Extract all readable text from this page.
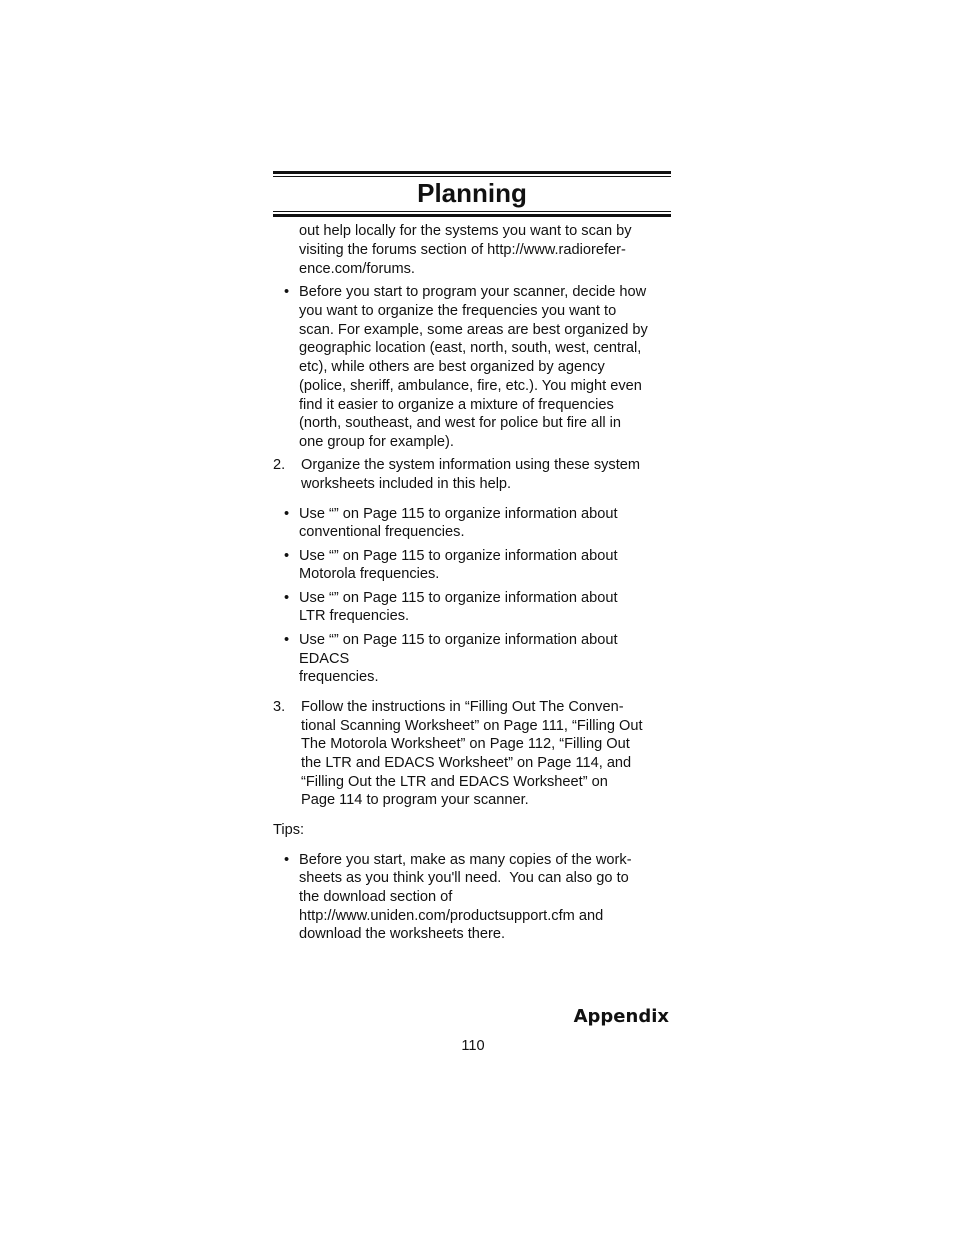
Planning
out help locally for the systems you want to scan by
visiting the forums section of http://www.radiorefer-
ence.com/forums.
• Before you start to program your scanner, decide how
you want to organize the frequencies you want to
scan. For example, some areas are best organized by
geographic location (east, north, south, west, central,
etc), while others are best organized by agency
(police, sheriff, ambulance, fire, etc.). You might even
find it easier to organize a mixture of frequencies
(north, southeast, and west for police but fire all in
one group for example).
2. Organize the system information using these system
worksheets included in this help.
• Use “” on Page 115 to organize information about
conventional frequencies.
• Use “” on Page 115 to organize information about
Motorola frequencies.
• Use “” on Page 115 to organize information about
LTR frequencies.
• Use “” on Page 115 to organize information about
EDACS
frequencies.
3. Follow the instructions in “Filling Out The Conven-
tional Scanning Worksheet” on Page 111, “Filling Out
The Motorola Worksheet” on Page 112, “Filling Out
the LTR and EDACS Worksheet” on Page 114, and
“Filling Out the LTR and EDACS Worksheet” on
Page 114 to program your scanner.
Tips:
• Before you start, make as many copies of the work-
sheets as you think you'll need.  You can also go to
the download section of
http://www.uniden.com/productsupport.cfm and
download the worksheets there.
Appendix
110
